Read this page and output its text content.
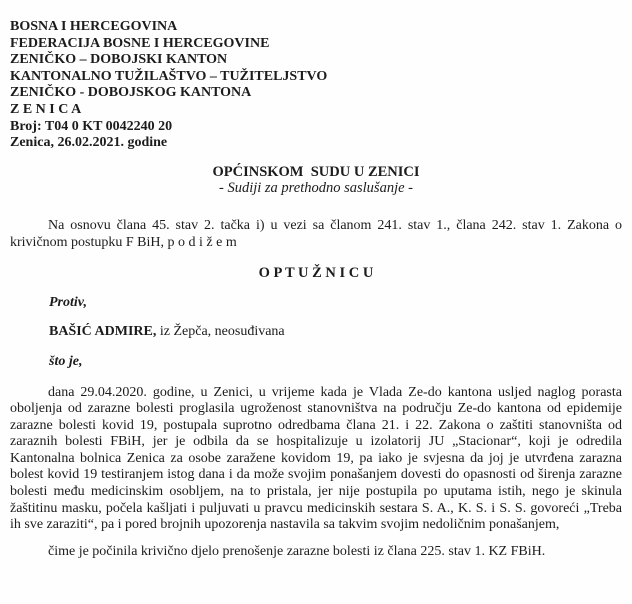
BOSNA I HERCEGOVINA
FEDERACIJA BOSNE I HERCEGOVINE
ZENIČKO – DOBOJSKI KANTON
KANTONALNO TUŽILAŠTVO – TUŽITELJSTVO
ZENIČKO - DOBOJSKOG KANTONA
Z E N I C A
Broj: T04 0 KT 0042240 20
Zenica, 26.02.2021. godine
OPĆINSKOM  SUDU U ZENICI
- Sudiji za prethodno saslušanje -
Na osnovu člana 45. stav 2. tačka i) u vezi sa članom 241. stav 1., člana 242. stav 1. Zakona o krivičnom postupku F BiH, p o d i ž e m
O P T U Ž N I C U
Protiv,
BAŠIĆ ADMIRE, iz Žepča, neosuđivana
što je,
dana 29.04.2020. godine, u Zenici, u vrijeme kada je Vlada Ze-do kantona usljed naglog porasta oboljenja od zarazne bolesti proglasila ugroženost stanovništva na području Ze-do kantona od epidemije zarazne bolesti kovid 19, postupala suprotno odredbama člana 21. i 22. Zakona o zaštiti stanovništa od zaraznih bolesti FBiH, jer je odbila da se hospitalizuje u izolatorij JU „Stacionar“, koji je odredila Kantonalna bolnica Zenica za osobe zaražene kovidom 19, pa iako je svjesna da joj je utvrđena zarazna bolest kovid 19 testiranjem istog dana i da može svojim ponašanjem dovesti do opasnosti od širenja zarazne bolesti među medicinskim osobljem, na to pristala, jer nije postupila po uputama istih, nego je skinula žaštitinu masku, počela kašljati i puljuvati u pravcu medicinskih sestara S. A., K. S. i S. S. govoreći „Treba ih sve zaraziti“, pa i pored brojnih upozorenja nastavila sa takvim svojim nedoličnim ponašanjem,
čime je počinila krivično djelo prenošenje zarazne bolesti iz člana 225. stav 1. KZ FBiH.
